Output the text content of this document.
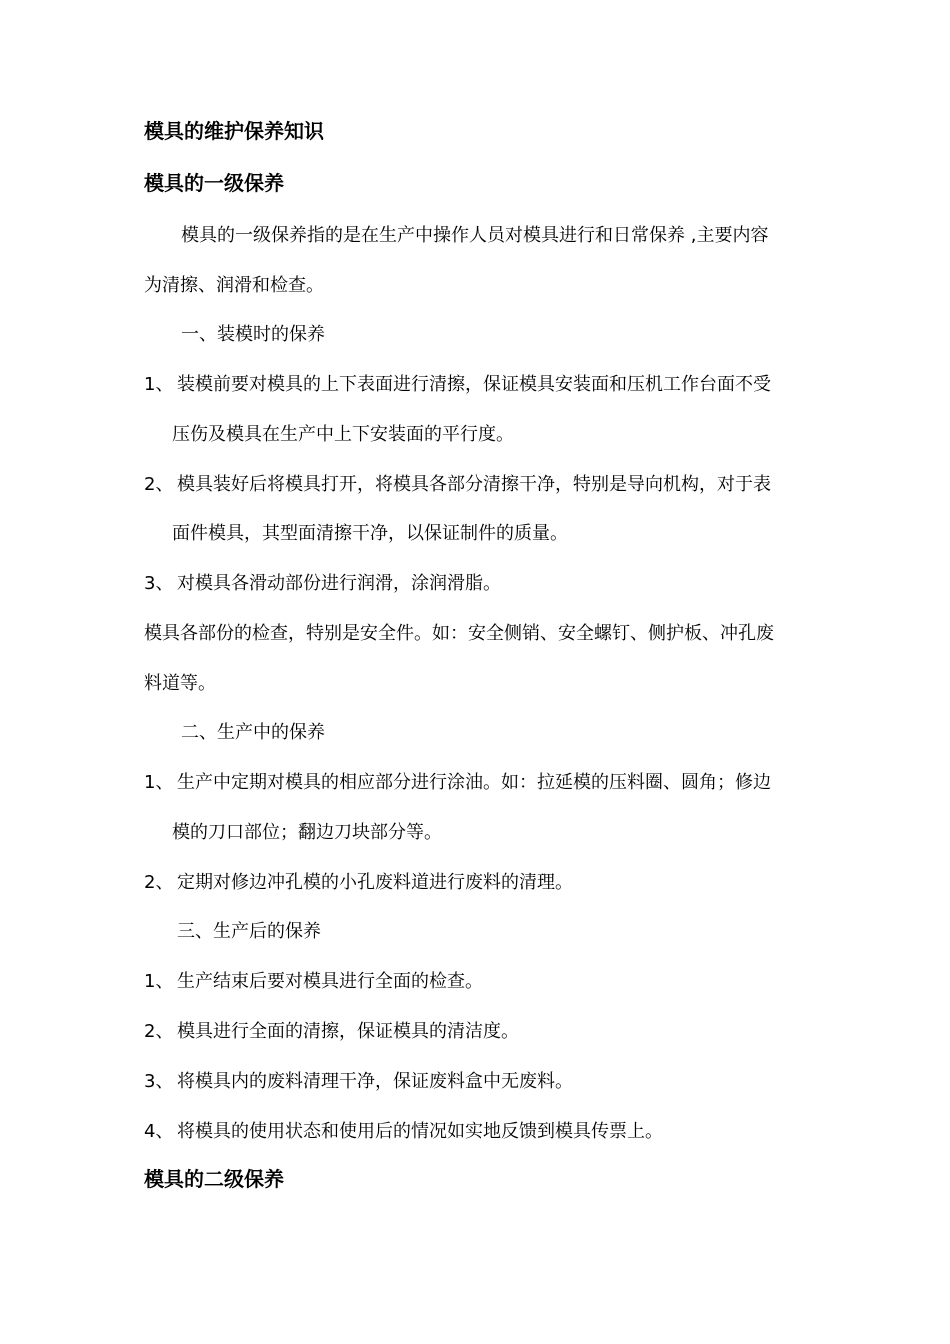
模具的维护保养知识
模具的一级保养
模具的一级保养指的是在生产中操作人员对模具进行和日常保养 ,主要内容
为清擦、润滑和检查。
一、装模时的保养
1、 装模前要对模具的上下表面进行清擦，保证模具安装面和压机工作台面不受
压伤及模具在生产中上下安装面的平行度。
2、 模具装好后将模具打开，将模具各部分清擦干净，特别是导向机构，对于表
面件模具，其型面清擦干净，以保证制件的质量。
3、 对模具各滑动部份进行润滑，涂润滑脂。
模具各部份的检查，特别是安全件。如：安全侧销、安全螺钉、侧护板、冲孔废
料道等。
二、生产中的保养
1、 生产中定期对模具的相应部分进行涂油。如：拉延模的压料圈、圆角；修边
模的刀口部位；翻边刀块部分等。
2、 定期对修边冲孔模的小孔废料道进行废料的清理。
三、生产后的保养
1、 生产结束后要对模具进行全面的检查。
2、 模具进行全面的清擦，保证模具的清洁度。
3、 将模具内的废料清理干净，保证废料盒中无废料。
4、 将模具的使用状态和使用后的情况如实地反馈到模具传票上。
模具的二级保养
